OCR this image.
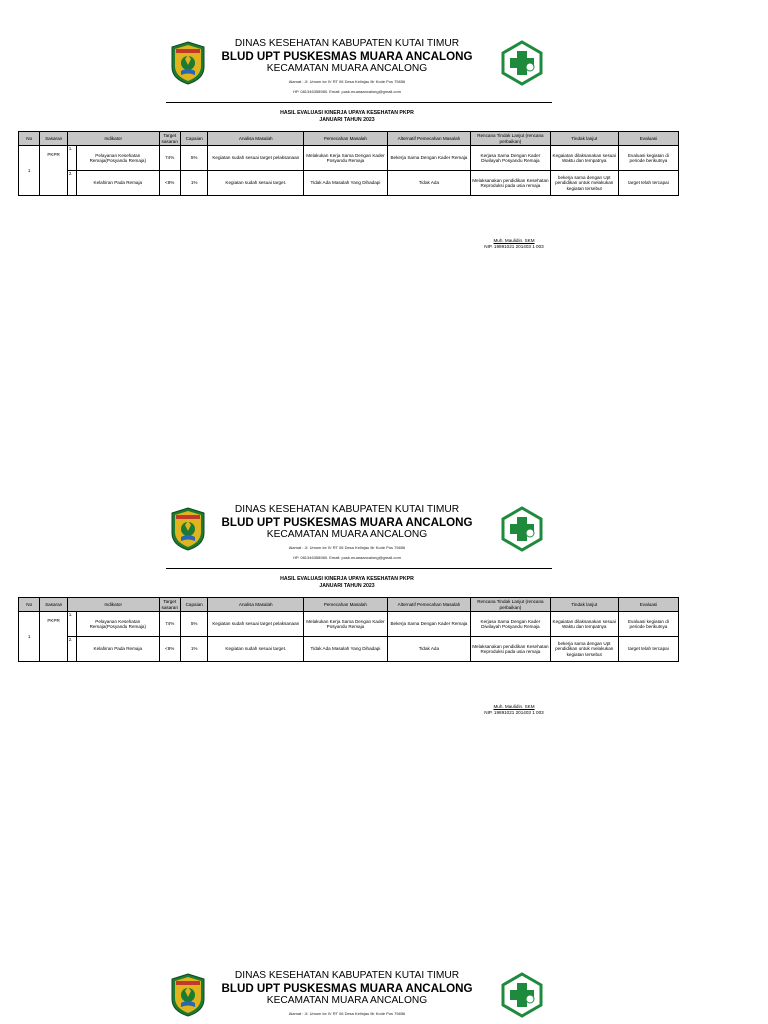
DINAS KESEHATAN KABUPATEN KUTAI TIMUR
BLUD UPT PUSKESMAS MUARA ANCALONG
KECAMATAN MUARA ANCALONG
Alamat : Jl. Umum ke IV RT 06 Desa Kelinjau Ilir Kode Pos 75656
HP. 081346358980. Email: pusk.muaraancalong@gmail.com
HASIL EVALUASI KINERJA UPAYA KESEHATAN PKPR
JANUARI TAHUN 2023
No	Sasaran	Indikator		Target sasaran	Capaian	Analisa Masalah	Pemecahan Masalah	Alternatif Pemecahan Masalah	Rencana Tindak Lanjut (rencana perbaikan)	Tindak lanjut	Evaluasi
1	PKPR	1.	Pelayanan Kesehatan Remaja(Posyandu Remaja)	74%	5%	Kegiatan sudah sesuai target pelaksanaan	Melakukan Kerja Sama Dengan Kader Posyandu Remaja	Bekerja Sama Dengan Kader Remaja	Kerjasa Sama Dengan Kader Diwilayah Posyandu Remaja	Kegaiatan dilaksanakan sesuai Waktu dan tempatnya	Evaluasi kegiatan di periode berikutnya
		2.	Kelahiran Pada Remaja	<8%	1%	Kegiatan sudah sesuai target.	Tidak Ada Masalah Yang Dihadapi	Tidak Ada	Melaksanakan pendidikan Kesehatan Reproduksi pada usia remaja	bekerja sama dengan Upt pendidikan untuk melakukan kegiatan tersebut	target telah tercapai
Muh. Maulidin. SKM
NIP. 19891021 201403 1 003
DINAS KESEHATAN KABUPATEN KUTAI TIMUR
BLUD UPT PUSKESMAS MUARA ANCALONG
KECAMATAN MUARA ANCALONG
Alamat : Jl. Umum ke IV RT 06 Desa Kelinjau Ilir Kode Pos 75656
HP. 081346358980. Email: pusk.muaraancalong@gmail.com
HASIL EVALUASI KINERJA UPAYA KESEHATAN PKPR
JANUARI TAHUN 2023
No	Sasaran	Indikator		Target sasaran	Capaian	Analisa Masalah	Pemecahan Masalah	Alternatif Pemecahan Masalah	Rencana Tindak Lanjut (rencana perbaikan)	Tindak lanjut	Evaluasi
1	PKPR	1.	Pelayanan Kesehatan Remaja(Posyandu Remaja)	74%	5%	Kegiatan sudah sesuai target pelaksanaan	Melakukan Kerja Sama Dengan Kader Posyandu Remaja	Bekerja Sama Dengan Kader Remaja	Kerjasa Sama Dengan Kader Diwilayah Posyandu Remaja	Kegaiatan dilaksanakan sesuai Waktu dan tempatnya	Evaluasi kegiatan di periode berikutnya
		2.	Kelahiran Pada Remaja	<8%	1%	Kegiatan sudah sesuai target.	Tidak Ada Masalah Yang Dihadapi	Tidak Ada	Melaksanakan pendidikan Kesehatan Reproduksi pada usia remaja	bekerja sama dengan Upt pendidikan untuk melakukan kegiatan tersebut	target telah tercapai
Muh. Maulidin. SKM
NIP. 19891021 201403 1 003
DINAS KESEHATAN KABUPATEN KUTAI TIMUR
BLUD UPT PUSKESMAS MUARA ANCALONG
KECAMATAN MUARA ANCALONG
Alamat : Jl. Umum ke IV RT 06 Desa Kelinjau Ilir Kode Pos 75656
